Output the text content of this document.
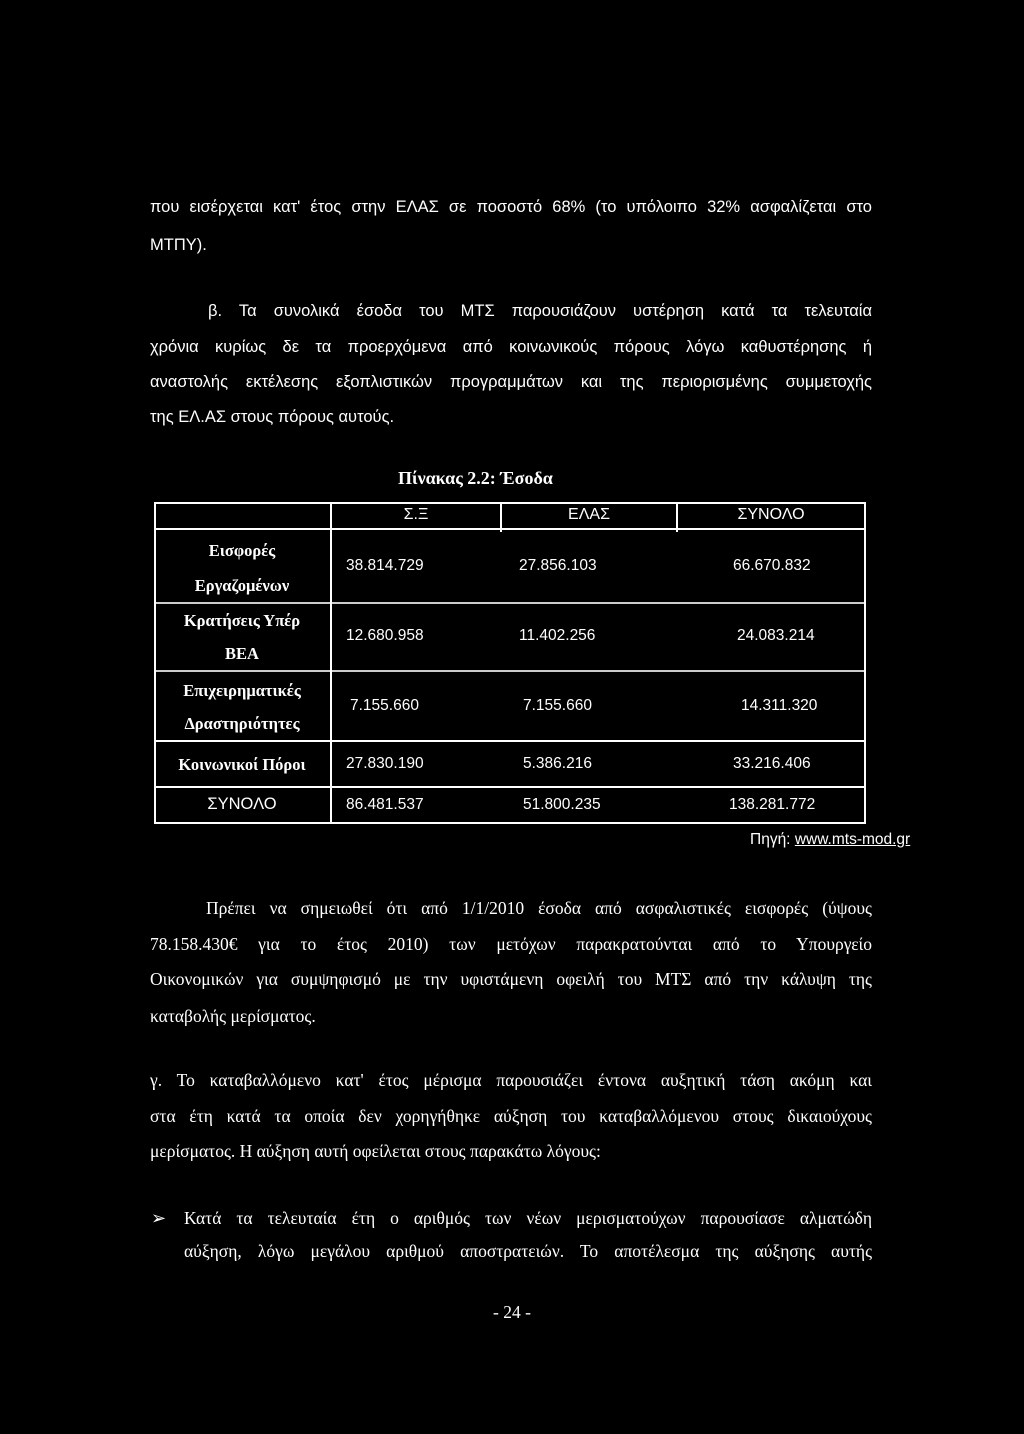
που εισέρχεται κατ' έτος στην ΕΛΑΣ σε ποσοστό 68% (το υπόλοιπο 32% ασφαλίζεται στο
ΜΤΠΥ).
β. Τα συνολικά έσοδα του ΜΤΣ παρουσιάζουν υστέρηση κατά τα τελευταία
χρόνια κυρίως δε τα προερχόμενα από κοινωνικούς πόρους λόγω καθυστέρησης ή
αναστολής εκτέλεσης εξοπλιστικών προγραμμάτων και της περιορισμένης συμμετοχής
της ΕΛ.ΑΣ στους πόρους αυτούς.
Πίνακας 2.2: Έσοδα
Σ.Ξ	ΕΛΑΣ	ΣΥΝΟΛΟ
Εισφορές
Εργαζομένων
38.814.729	27.856.103	66.670.832
Κρατήσεις Υπέρ
ΒΕΑ
12.680.958	11.402.256	24.083.214
Επιχειρηματικές
Δραστηριότητες
7.155.660	7.155.660	14.311.320
Κοινωνικοί Πόροι	27.830.190	5.386.216	33.216.406
ΣΥΝΟΛΟ	86.481.537	51.800.235	138.281.772
Πηγή: www.mts-mod.gr
Πρέπει να σημειωθεί ότι από 1/1/2010 έσοδα από ασφαλιστικές εισφορές (ύψους
78.158.430€ για το έτος 2010) των μετόχων παρακρατούνται από το Υπουργείο
Οικονομικών για συμψηφισμό με την υφιστάμενη οφειλή του ΜΤΣ από την κάλυψη της
καταβολής μερίσματος.
γ. Το καταβαλλόμενο κατ' έτος μέρισμα παρουσιάζει έντονα αυξητική τάση ακόμη και
στα έτη κατά τα οποία δεν χορηγήθηκε αύξηση του καταβαλλόμενου στους δικαιούχους
μερίσματος. Η αύξηση αυτή οφείλεται στους παρακάτω λόγους:
➢ Κατά τα τελευταία έτη ο αριθμός των νέων μερισματούχων παρουσίασε αλματώδη
αύξηση, λόγω μεγάλου αριθμού αποστρατειών. Το αποτέλεσμα της αύξησης αυτής
- 24 -
